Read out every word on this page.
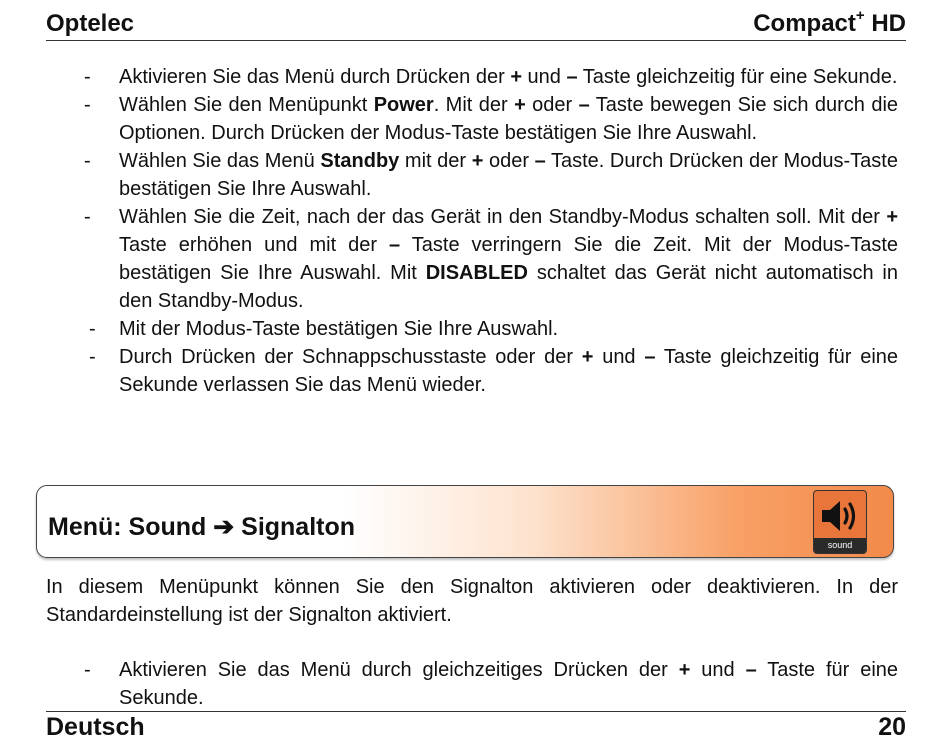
Optelec	Compact+ HD
- Aktivieren Sie das Menü durch Drücken der + und – Taste gleichzeitig für eine Sekunde.
- Wählen Sie den Menüpunkt Power. Mit der + oder – Taste bewegen Sie sich durch die Optionen. Durch Drücken der Modus-Taste bestätigen Sie Ihre Auswahl.
- Wählen Sie das Menü Standby mit der + oder – Taste. Durch Drücken der Modus-Taste bestätigen Sie Ihre Auswahl.
- Wählen Sie die Zeit, nach der das Gerät in den Standby-Modus schalten soll. Mit der + Taste erhöhen und mit der – Taste verringern Sie die Zeit. Mit der Modus-Taste bestätigen Sie Ihre Auswahl. Mit DISABLED schaltet das Gerät nicht automatisch in den Standby-Modus.
- Mit der Modus-Taste bestätigen Sie Ihre Auswahl.
- Durch Drücken der Schnappschusstaste oder der + und – Taste gleichzeitig für eine Sekunde verlassen Sie das Menü wieder.
Menü: Sound ➔ Signalton
sound

In diesem Menüpunkt können Sie den Signalton aktivieren oder deaktivieren. In der Standardeinstellung ist der Signalton aktiviert.

- Aktivieren Sie das Menü durch gleichzeitiges Drücken der + und – Taste für eine Sekunde.
Deutsch	20
